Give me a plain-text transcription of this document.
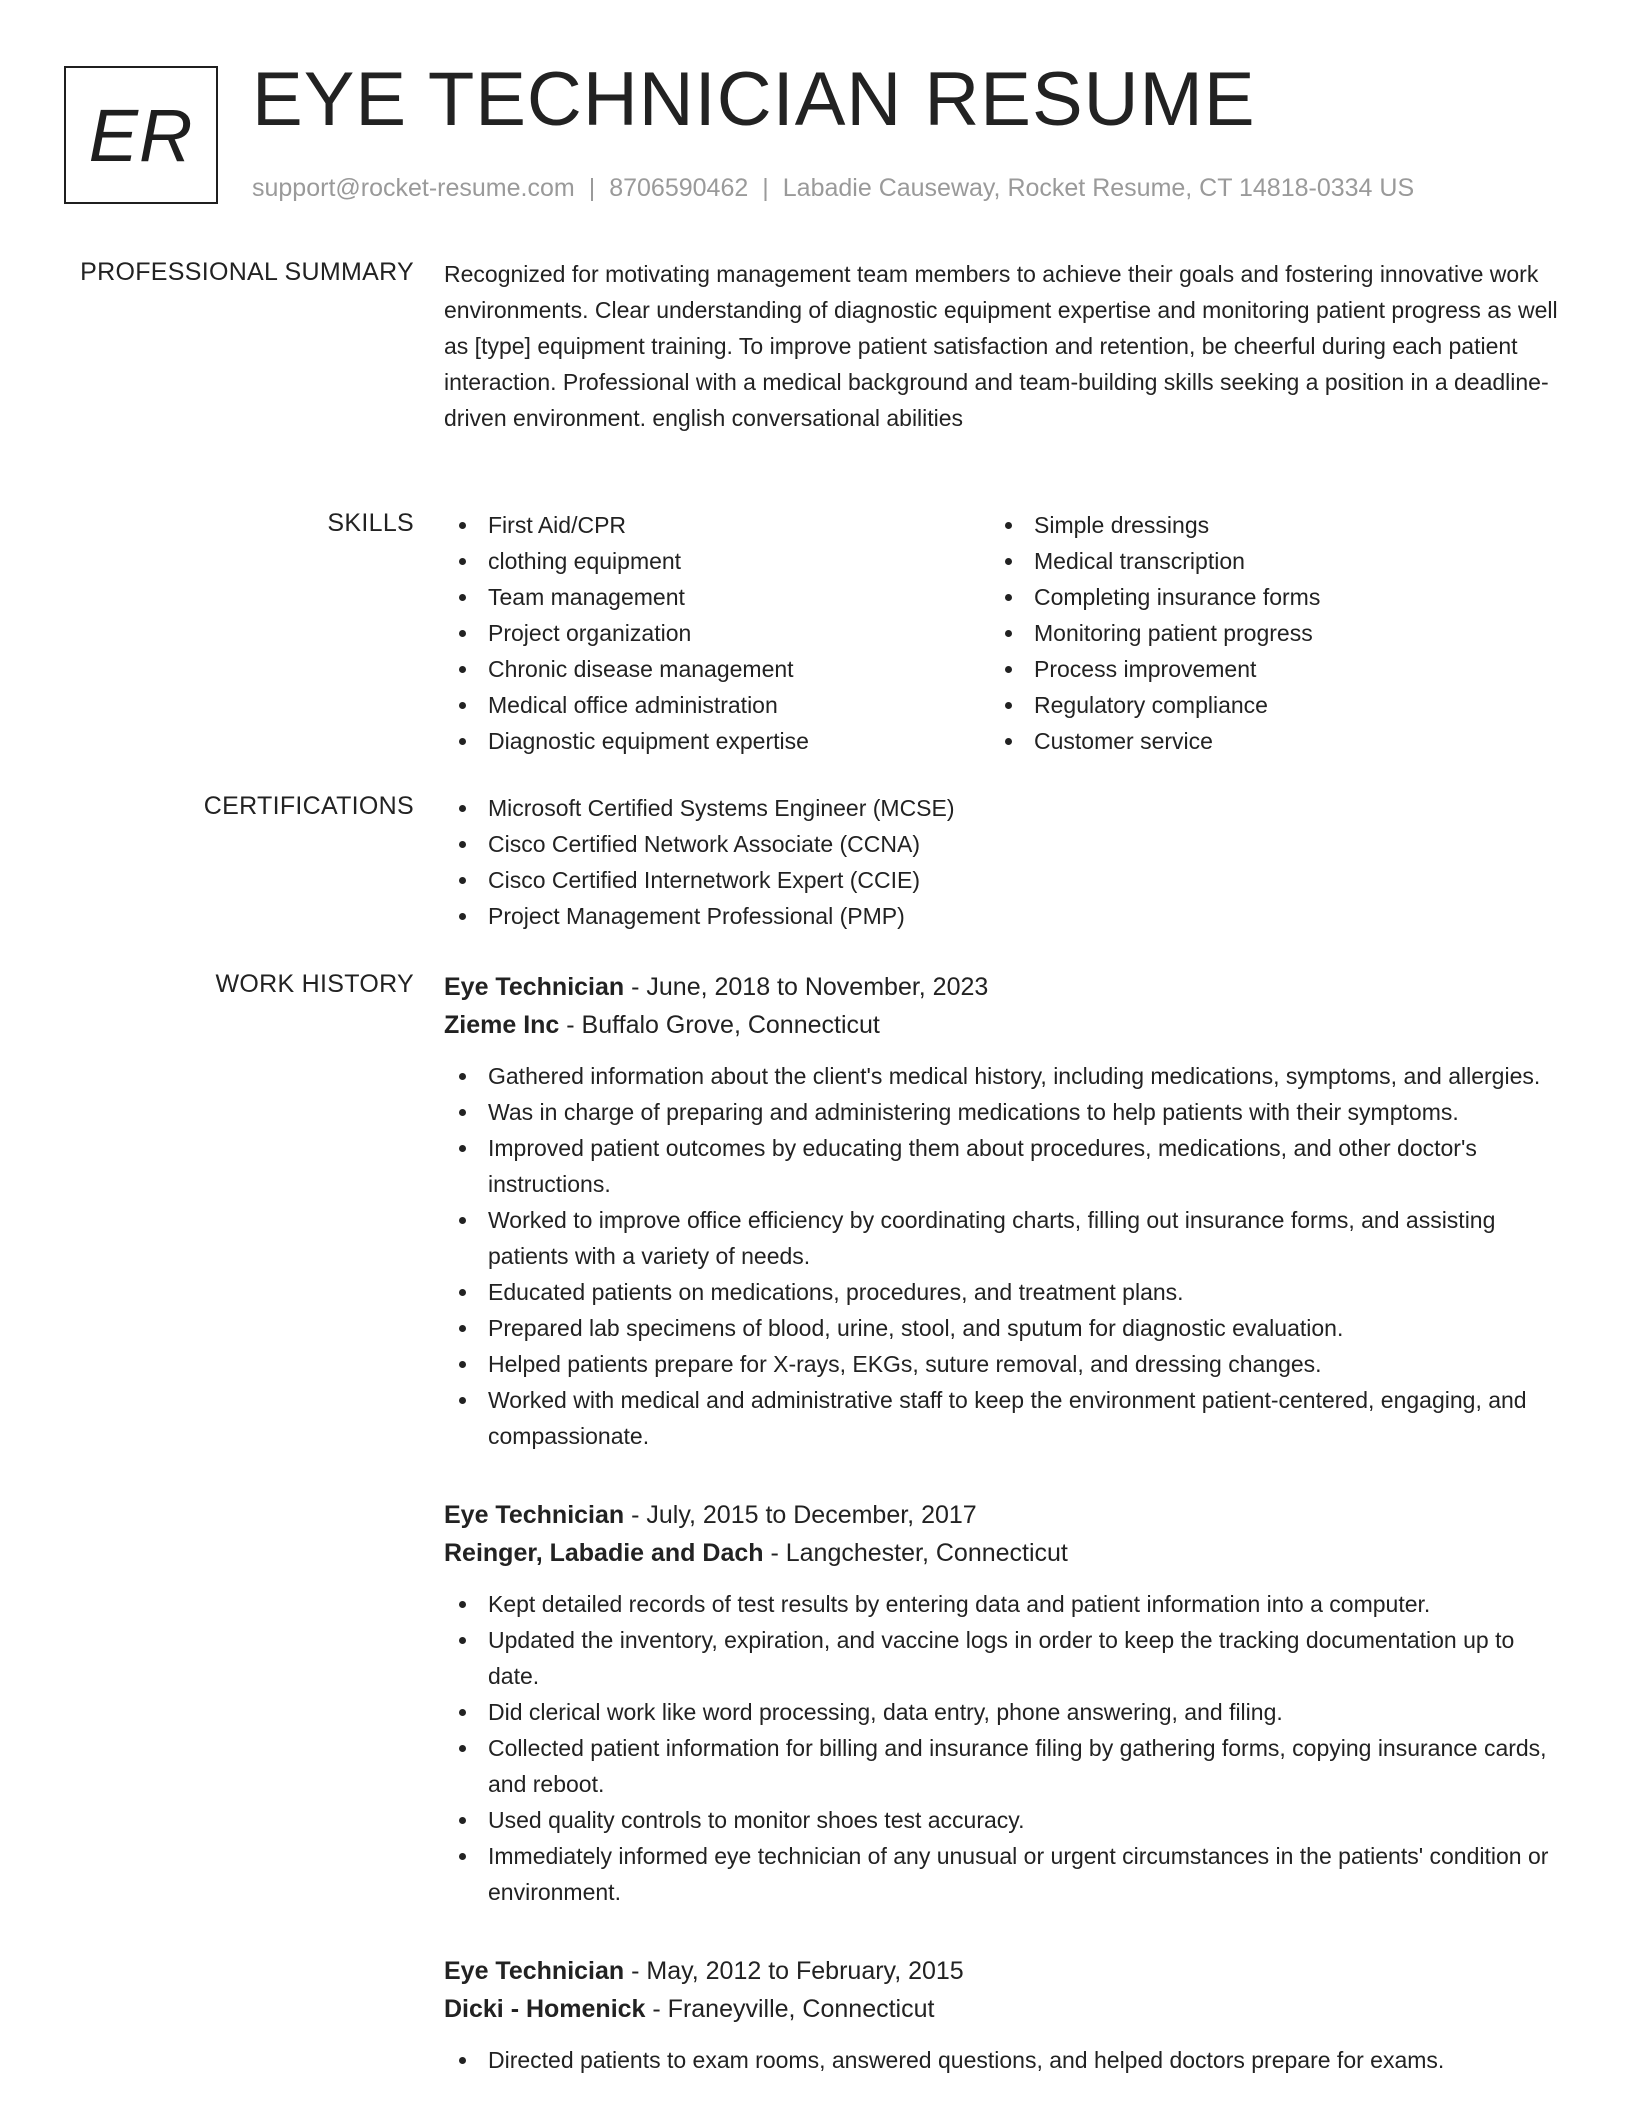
ER EYE TECHNICIAN RESUME
support@rocket-resume.com | 8706590462 | Labadie Causeway, Rocket Resume, CT 14818-0334 US
PROFESSIONAL SUMMARY Recognized for motivating management team members to achieve their goals and fostering innovative work environments. Clear understanding of diagnostic equipment expertise and monitoring patient progress as well as [type] equipment training. To improve patient satisfaction and retention, be cheerful during each patient interaction. Professional with a medical background and team-building skills seeking a position in a deadline-driven environment. english conversational abilities

SKILLS	First Aid/CPR
clothing equipment
Team management
Project organization
Chronic disease management
Medical office administration
Diagnostic equipment expertise
Simple dressings
Medical transcription
Completing insurance forms
Monitoring patient progress
Process improvement
Regulatory compliance
Customer service
CERTIFICATIONS	Microsoft Certified Systems Engineer (MCSE)
Cisco Certified Network Associate (CCNA)
Cisco Certified Internetwork Expert (CCIE)
Project Management Professional (PMP)
WORK HISTORY Eye Technician - June, 2018 to November, 2023
Zieme Inc - Buffalo Grove, Connecticut
Gathered information about the client's medical history, including medications, symptoms, and allergies.
Was in charge of preparing and administering medications to help patients with their symptoms.
Improved patient outcomes by educating them about procedures, medications, and other doctor's instructions.
Worked to improve office efficiency by coordinating charts, filling out insurance forms, and assisting patients with a variety of needs.
Educated patients on medications, procedures, and treatment plans.
Prepared lab specimens of blood, urine, stool, and sputum for diagnostic evaluation.
Helped patients prepare for X-rays, EKGs, suture removal, and dressing changes.
Worked with medical and administrative staff to keep the environment patient-centered, engaging, and compassionate.
Eye Technician - July, 2015 to December, 2017
Reinger, Labadie and Dach - Langchester, Connecticut
Kept detailed records of test results by entering data and patient information into a computer.
Updated the inventory, expiration, and vaccine logs in order to keep the tracking documentation up to date.
Did clerical work like word processing, data entry, phone answering, and filing.
Collected patient information for billing and insurance filing by gathering forms, copying insurance cards, and reboot.
Used quality controls to monitor shoes test accuracy.
Immediately informed eye technician of any unusual or urgent circumstances in the patients' condition or environment.
Eye Technician - May, 2012 to February, 2015
Dicki - Homenick - Franeyville, Connecticut
Directed patients to exam rooms, answered questions, and helped doctors prepare for exams.
